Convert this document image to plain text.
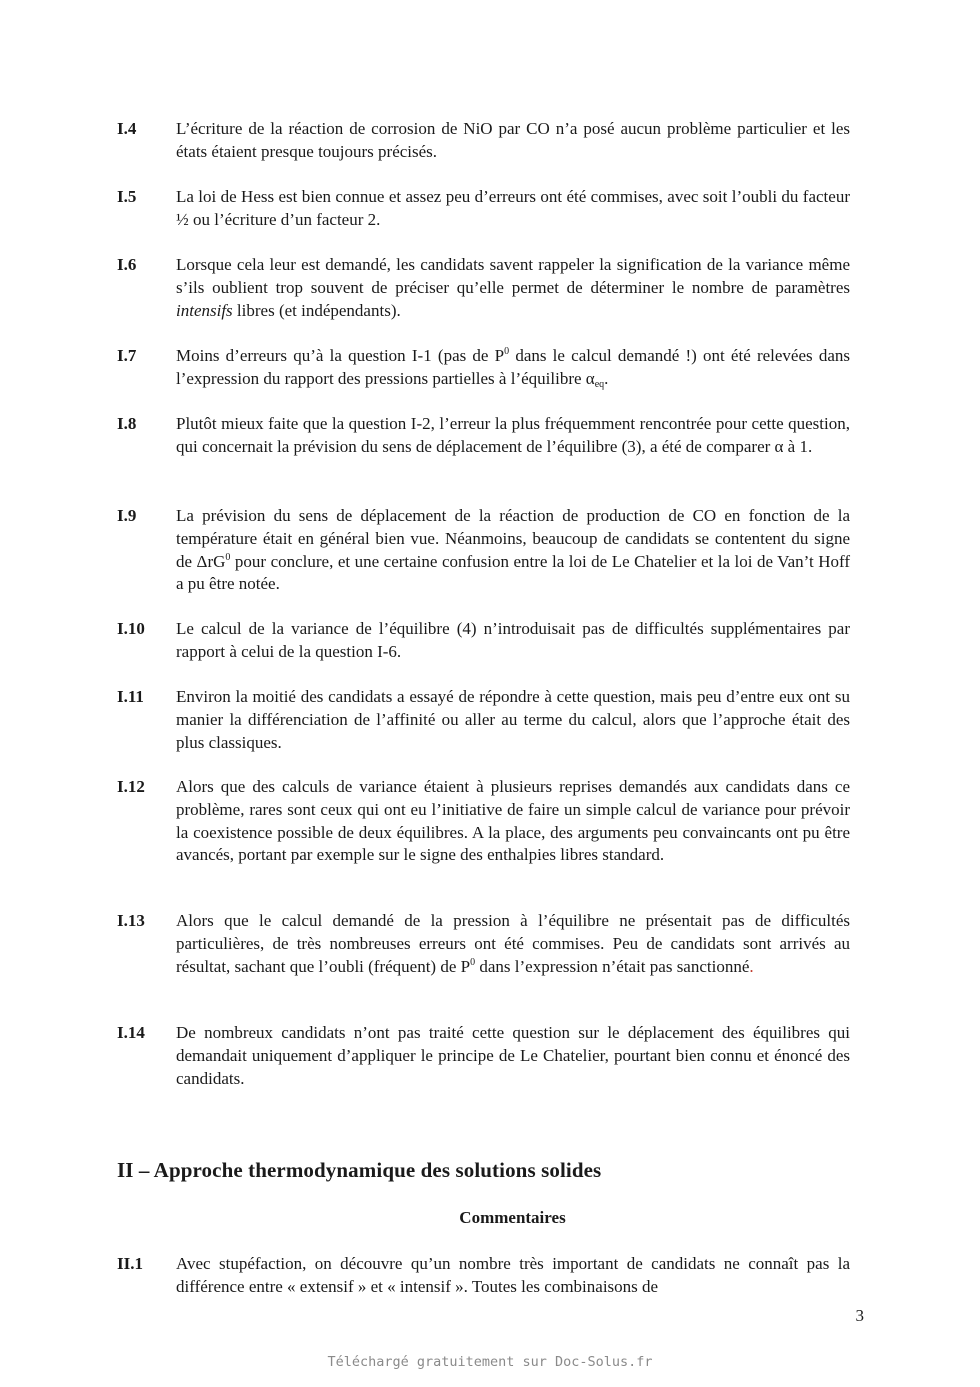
I.4	L’écriture de la réaction de corrosion de NiO par CO n’a posé aucun problème particulier et les états étaient presque toujours précisés.
I.5	La loi de Hess est bien connue et assez peu d’erreurs ont été commises, avec soit l’oubli du facteur ½ ou l’écriture d’un facteur 2.
I.6	Lorsque cela leur est demandé, les candidats savent rappeler la signification de la variance même s’ils oublient trop souvent de préciser qu’elle permet de déterminer le nombre de paramètres intensifs libres (et indépendants).
I.7	Moins d’erreurs qu’à la question I-1 (pas de $P^0$ dans le calcul demandé !) ont été relevées dans l’expression du rapport des pressions partielles à l’équilibre $\alpha_{eq}$.
I.8	Plutôt mieux faite que la question I-2, l’erreur la plus fréquemment rencontrée pour cette question, qui concernait la prévision du sens de déplacement de l’équilibre (3), a été de comparer α à 1.
I.9	La prévision du sens de déplacement de la réaction de production de CO en fonction de la température était en général bien vue. Néanmoins, beaucoup de candidats se contentent du signe de ΔrG$^0$ pour conclure, et une certaine confusion entre la loi de Le Chatelier et la loi de Van’t Hoff a pu être notée.
I.10	Le calcul de la variance de l’équilibre (4) n’introduisait pas de difficultés supplémentaires par rapport à celui de la question I-6.
I.11	Environ la moitié des candidats a essayé de répondre à cette question, mais peu d’entre eux ont su manier la différenciation de l’affinité ou aller au terme du calcul, alors que l’approche était des plus classiques.
I.12	Alors que des calculs de variance étaient à plusieurs reprises demandés aux candidats dans ce problème, rares sont ceux qui ont eu l’initiative de faire un simple calcul de variance pour prévoir la coexistence possible de deux équilibres. A la place, des arguments peu convaincants ont pu être avancés, portant par exemple sur le signe des enthalpies libres standard.
I.13	Alors que le calcul demandé de la pression à l’équilibre ne présentait pas de difficultés particulières, de très nombreuses erreurs ont été commises. Peu de candidats sont arrivés au résultat, sachant que l’oubli (fréquent) de $P^0$ dans l’expression n’était pas sanctionné.
I.14	De nombreux candidats n’ont pas traité cette question sur le déplacement des équilibres qui demandait uniquement d’appliquer le principe de Le Chatelier, pourtant bien connu et énoncé des candidats.
II – Approche thermodynamique des solutions solides
Commentaires
II.1	Avec stupéfaction, on découvre qu’un nombre très important de candidats ne connaît pas la différence entre « extensif » et « intensif ». Toutes les combinaisons de
3
Téléchargé gratuitement sur Doc-Solus.fr
